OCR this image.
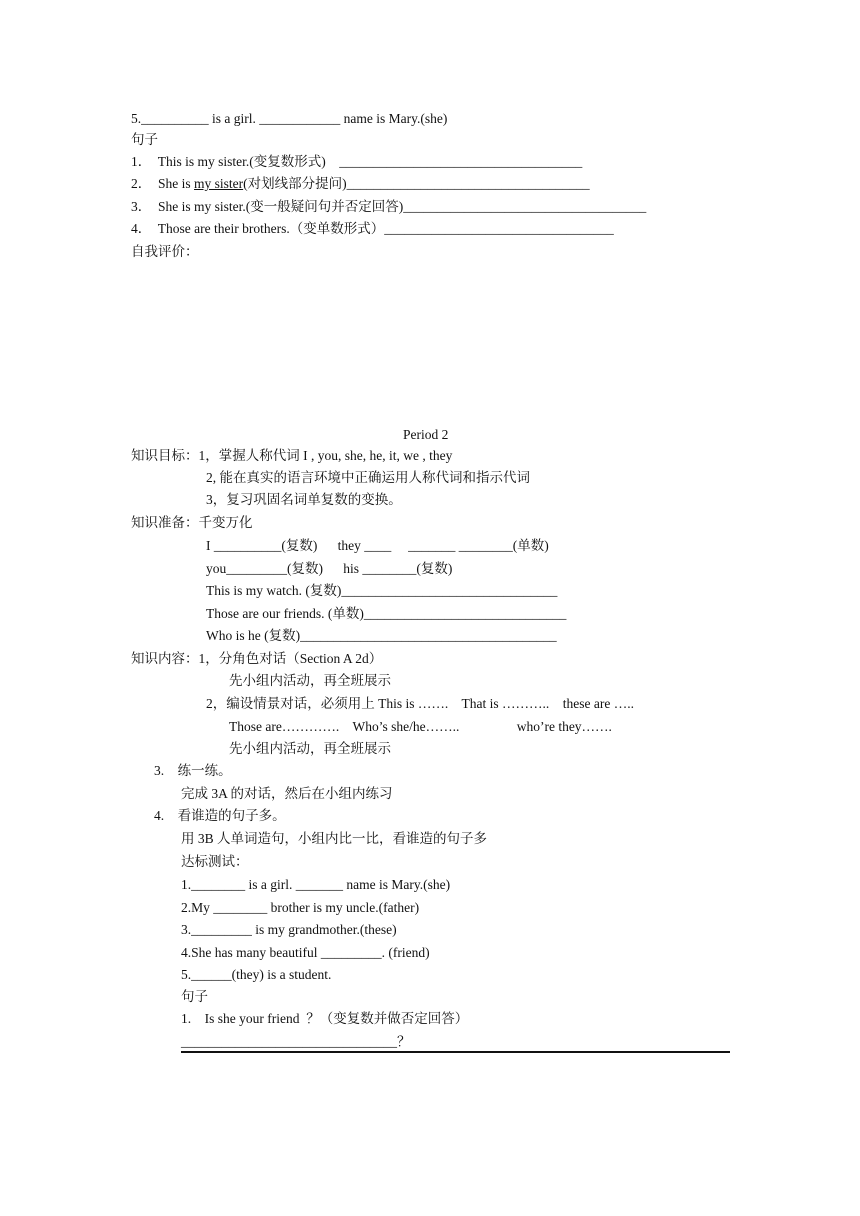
5.__________ is a girl. ____________ name is Mary.(she)
句子
1．  This is my sister.(变复数形式)    ____________________________________
2．  She is my sister(对划线部分提问)____________________________________
3．  She is my sister.(变一般疑问句并否定回答)____________________________________
4．  Those are their brothers.（变单数形式）__________________________________
自我评价：
Period 2
知识目标：1，掌握人称代词 I , you, she, he, it, we , they
2, 能在真实的语言环境中正确运用人称代词和指示代词
3，复习巩固名词单复数的变换。
知识准备：千变万化
I __________(复数)      they ____     _______ ________(单数)
you_________(复数)      his ________(复数)
This is my watch. (复数)________________________________
Those are our friends. (单数)______________________________
Who is he (复数)______________________________________
知识内容：1，分角色对话（Section A 2d）
先小组内活动，再全班展示
2，编设情景对话，必须用上 This is …….    That is ………..    these are …..
Those are………….    Who’s she/he……..                 who’re they…….
先小组内活动，再全班展示
3.    练一练。
完成 3A 的对话，然后在小组内练习
4.    看谁造的句子多。
用 3B 人单词造句，小组内比一比，看谁造的句子多
达标测试：
1.________ is a girl. _______ name is Mary.(she)
2.My ________ brother is my uncle.(father)
3._________ is my grandmother.(these)
4.She has many beautiful _________. (friend)
5.______(they) is a student.
句子
1.    Is she your friend  ？（变复数并做否定回答）
________________________________？
